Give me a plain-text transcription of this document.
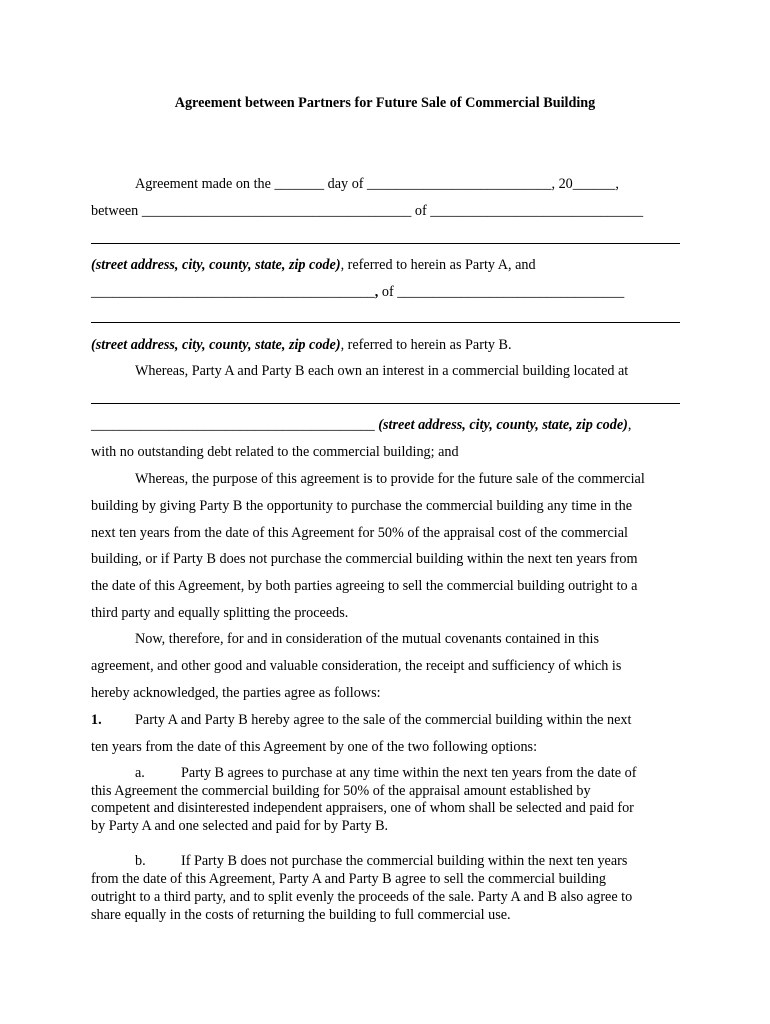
Agreement between Partners for Future Sale of Commercial Building
Agreement made on the _______ day of __________________________, 20______,
between ______________________________________ of ______________________________
(street address, city, county, state, zip code), referred to herein as Party A, and
________________________________________, of ________________________________
(street address, city, county, state, zip code), referred to herein as Party B.
Whereas, Party A and Party B each own an interest in a commercial building located at
________________________________________ (street address, city, county, state, zip code),
with no outstanding debt related to the commercial building; and
Whereas, the purpose of this agreement is to provide for the future sale of the commercial
building by giving Party B the opportunity to purchase the commercial building any time in the
next ten years from the date of this Agreement for 50% of the appraisal cost of the commercial
building, or if Party B does not purchase the commercial building within the next ten years from
the date of this Agreement, by both parties agreeing to sell the commercial building outright to a
third party and equally splitting the proceeds.
Now, therefore, for and in consideration of the mutual covenants contained in this
agreement, and other good and valuable consideration, the receipt and sufficiency of which is
hereby acknowledged, the parties agree as follows:
1. Party A and Party B hereby agree to the sale of the commercial building within the next
ten years from the date of this Agreement by one of the two following options:
a.	Party B agrees to purchase at any time within the next ten years from the date of
this Agreement the commercial building for 50% of the appraisal amount established by
competent and disinterested independent appraisers, one of whom shall be selected and paid for
by Party A and one selected and paid for by Party B.
b. If Party B does not purchase the commercial building within the next ten years
from the date of this Agreement, Party A and Party B agree to sell the commercial building
outright to a third party, and to split evenly the proceeds of the sale. Party A and B also agree to
share equally in the costs of returning the building to full commercial use.
